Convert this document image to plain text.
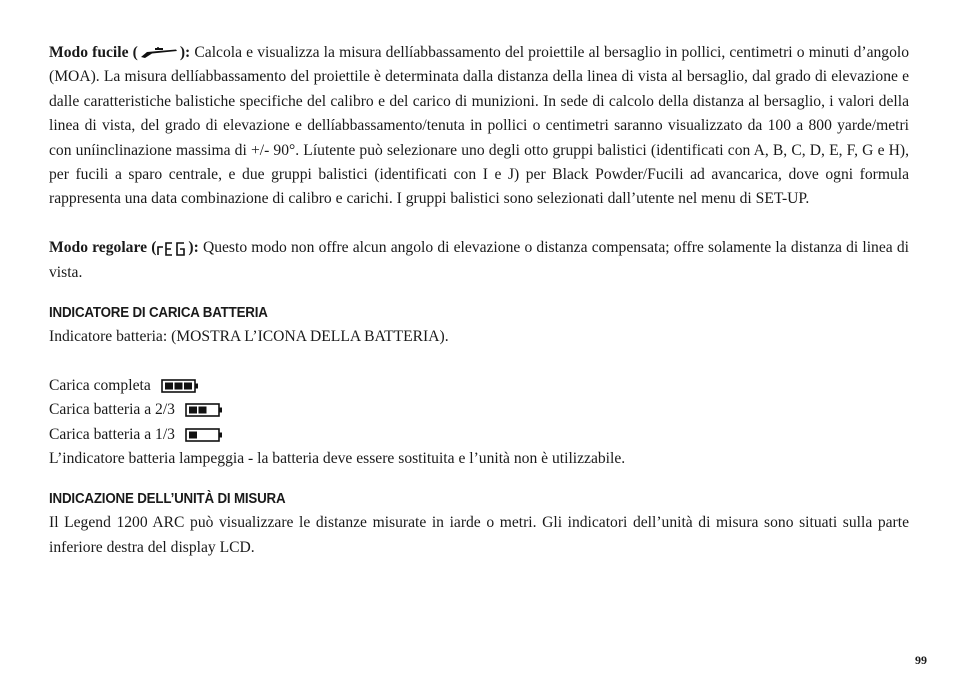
Modo fucile (	): Calcola e visualizza la misura dellíabbassamento del proiettile al bersaglio in pollici, centimetri o minuti d’angolo (MOA). La misura dellíabbassamento del proiettile è determinata dalla distanza della linea di vista al bersaglio, dal grado di elevazione e dalle caratteristiche balistiche specifiche del calibro e del carico di munizioni. In sede di calcolo della distanza al bersaglio, i valori della linea di vista, del grado di elevazione e dellíabbassamento/tenuta in pollici o centimetri saranno visualizzato da 100 a 800 yarde/metri con uníinclinazione massima di +/- 90°. Líutente può selezionare uno degli otto gruppi balistici (identificati con A, B, C, D, E, F, G e H), per fucili a sparo centrale, e due gruppi balistici (identificati con I e J) per Black Powder/Fucili ad avancarica, dove ogni formula rappresenta una data combinazione di calibro e carichi. I gruppi balistici sono selezionati dall’utente nel menu di SET-UP.

Modo regolare ( ): Questo modo non offre alcun angolo di elevazione o distanza compensata; offre solamente la distanza di linea di vista.

INDICATORE DI CARICA BATTERIA

Indicatore batteria: (MOSTRA L’ICONA DELLA BATTERIA).

Carica completa
Carica batteria a 2/3
Carica batteria a 1/3

L’indicatore batteria lampeggia - la batteria deve essere sostituita e l’unità non è utilizzabile.

INDICAZIONE DELL’UNITÀ DI MISURA

Il Legend 1200 ARC può visualizzare le distanze misurate in iarde o metri. Gli indicatori dell’unità di misura sono situati sulla parte inferiore destra del display LCD.

99
